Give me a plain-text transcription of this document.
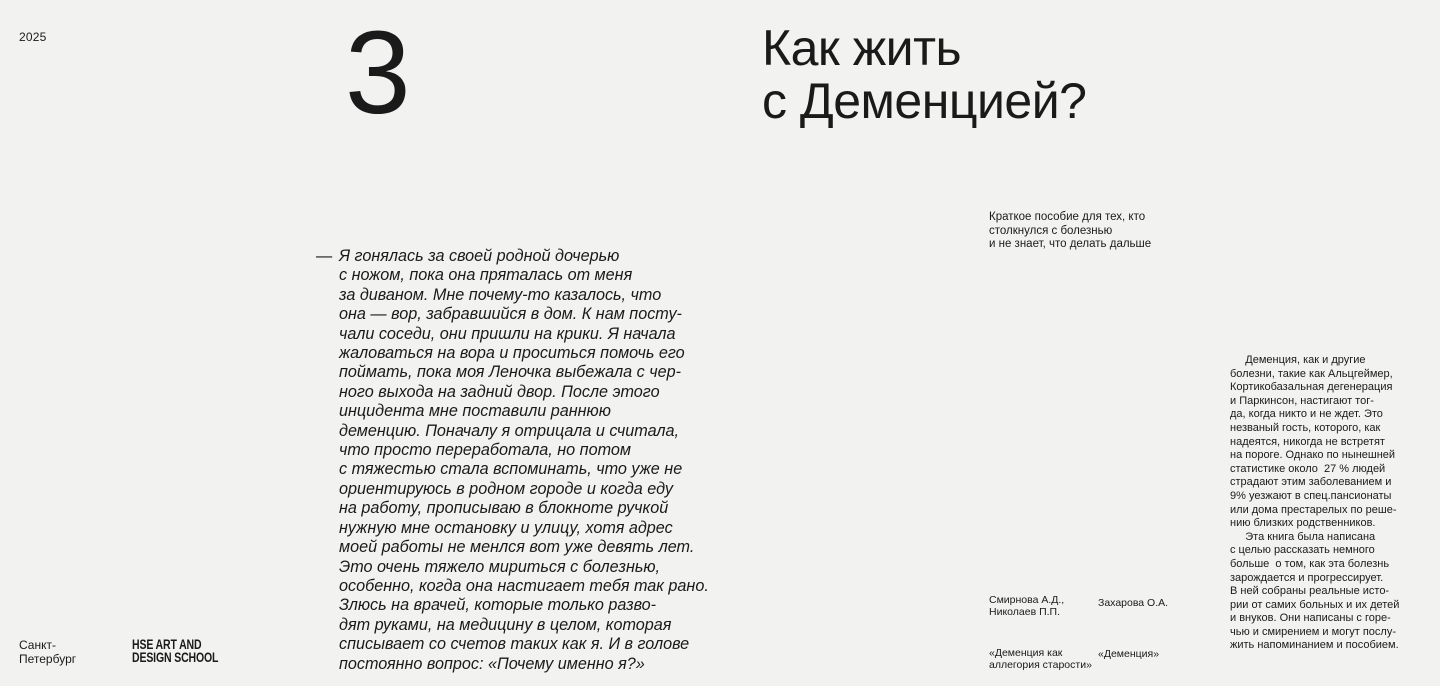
2025	3	Как жить
с Деменцией?
Краткое пособие для тех, кто
столкнулся с болезнью
и не знает, что делать дальше
— Я гонялась за своей родной дочерью
с ножом, пока она пряталась от меня
за диваном. Мне почему-то казалось, что
она — вор, забравшийся в дом. К нам посту-
чали соседи, они пришли на крики. Я начала
жаловаться на вора и проситься помочь его
поймать, пока моя Леночка выбежала с чер-
ного выхода на задний двор. После этого
инцидента мне поставили раннюю
деменцию. Поначалу я отрицала и считала,
что просто переработала, но потом
с тяжестью стала вспоминать, что уже не
ориентируюсь в родном городе и когда еду
на работу, прописываю в блокноте ручкой
нужную мне остановку и улицу, хотя адрес
моей работы не менлся вот уже девять лет.
Это очень тяжело мириться с болезнью,
особенно, когда она настигает тебя так рано.
Злюсь на врачей, которые только разво-
дят руками, на медицину в целом, которая
списывает со счетов таких как я. И в голове
постоянно вопрос: «Почему именно я?»
Смирнова А.Д.,
Николаев П.П.
Захарова О.А.
«Деменция как
аллегория старости»
«Деменция»
Деменция, как и другие
болезни, такие как Альцгеймер,
Кортикобазальная дегенерация
и Паркинсон, настигают тог-
да, когда никто и не ждет. Это
незваный гость, которого, как
надеятся, никогда не встретят
на пороге. Однако по нынешней
статистике около  27 % людей
страдают этим заболеванием и
9% уезжают в спец.пансионаты
или дома престарелых по реше-
нию близких родственников.
Эта книга была написана
с целью рассказать немного
больше  о том, как эта болезнь
зарождается и прогрессирует.
В ней собраны реальные исто-
рии от самих больных и их детей
и внуков. Они написаны с горе-
чью и смирением и могут послу-
жить напоминанием и пособием.
Санкт-
Петербург
HSE ART AND
DESIGN SCHOOL
